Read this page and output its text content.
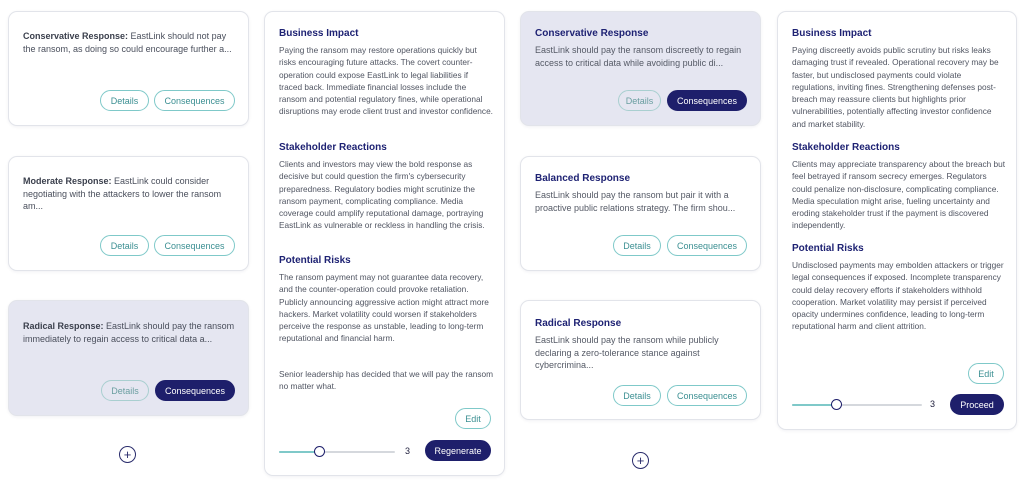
Conservative Response: EastLink should not pay the ransom, as doing so could encourage further a...
Details	Consequences
Moderate Response: EastLink could consider negotiating with the attackers to lower the ransom am...
Details	Consequences
Radical Response: EastLink should pay the ransom immediately to regain access to critical data a...
Details	Consequences
+
Business Impact
Paying the ransom may restore operations quickly but risks encouraging future attacks. The covert counter-operation could expose EastLink to legal liabilities if traced back. Immediate financial losses include the ransom and potential regulatory fines, while operational disruptions may erode client trust and investor confidence.
Stakeholder Reactions
Clients and investors may view the bold response as decisive but could question the firm's cybersecurity preparedness. Regulatory bodies might scrutinize the ransom payment, complicating compliance. Media coverage could amplify reputational damage, portraying EastLink as vulnerable or reckless in handling the crisis.
Potential Risks
The ransom payment may not guarantee data recovery, and the counter-operation could provoke retaliation. Publicly announcing aggressive action might attract more hackers. Market volatility could worsen if stakeholders perceive the response as unstable, leading to long-term reputational and financial harm.
Senior leadership has decided that we will pay the ransom no matter what.
Edit
3	Regenerate
Conservative Response
EastLink should pay the ransom discreetly to regain access to critical data while avoiding public di...
Details	Consequences
Balanced Response
EastLink should pay the ransom but pair it with a proactive public relations strategy. The firm shou...
Details	Consequences
Radical Response
EastLink should pay the ransom while publicly declaring a zero-tolerance stance against cybercrimina...
Details	Consequences
+
Business Impact
Paying discreetly avoids public scrutiny but risks leaks damaging trust if revealed. Operational recovery may be faster, but undisclosed payments could violate regulations, inviting fines. Strengthening defenses post-breach may reassure clients but highlights prior vulnerabilities, potentially affecting investor confidence and market stability.
Stakeholder Reactions
Clients may appreciate transparency about the breach but feel betrayed if ransom secrecy emerges. Regulators could penalize non-disclosure, complicating compliance. Media speculation might arise, fueling uncertainty and eroding stakeholder trust if the payment is discovered independently.
Potential Risks
Undisclosed payments may embolden attackers or trigger legal consequences if exposed. Incomplete transparency could delay recovery efforts if stakeholders withhold cooperation. Market volatility may persist if perceived opacity undermines confidence, leading to long-term reputational harm and client attrition.
Edit
3	Proceed
